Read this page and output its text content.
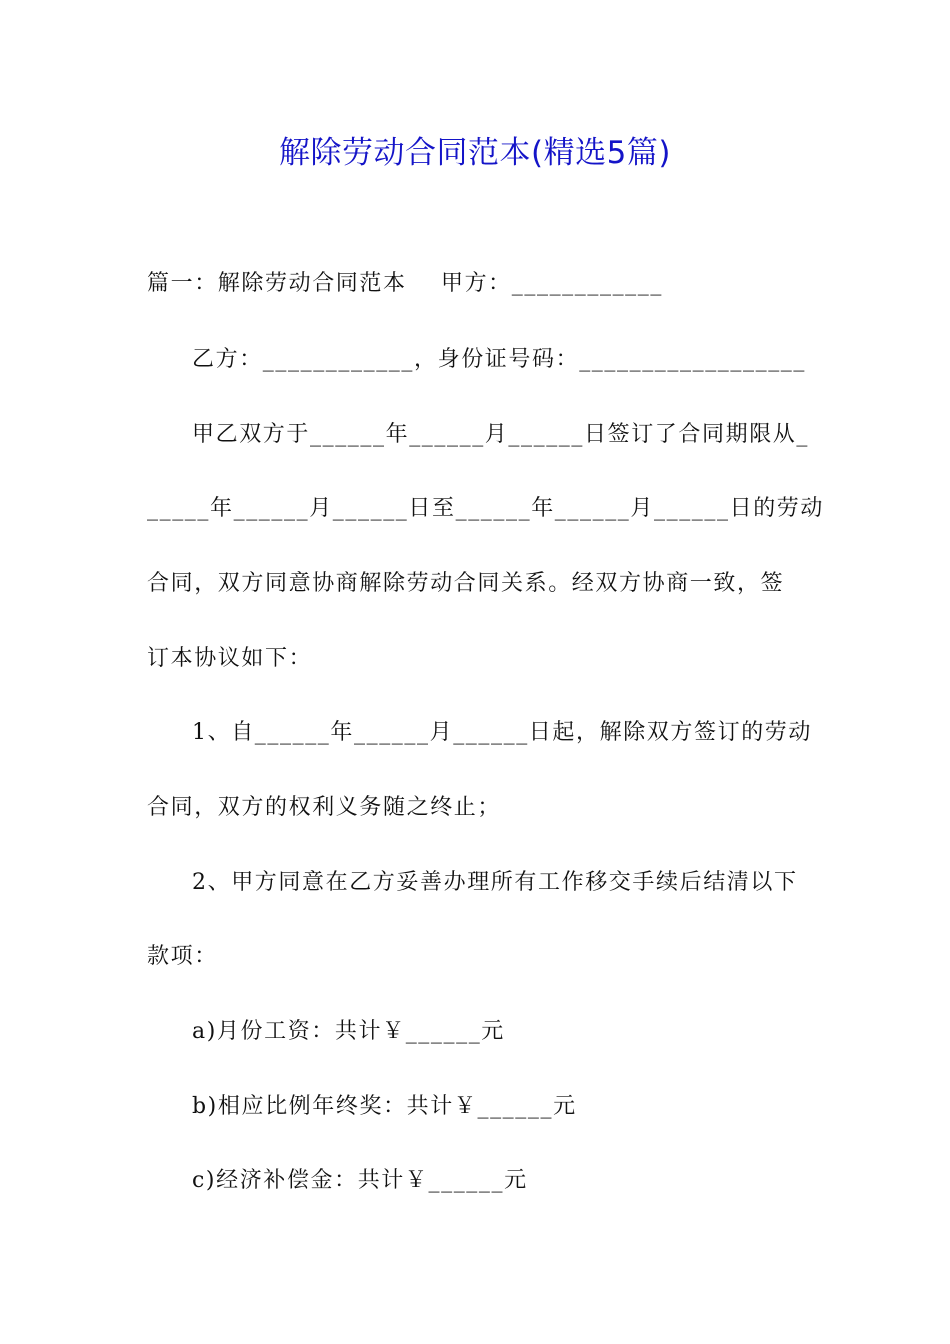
解除劳动合同范本(精选5篇)
篇一：解除劳动合同范本    甲方：____________
乙方：____________，身份证号码：__________________
甲乙双方于______年______月______日签订了合同期限从_
_____年______月______日至______年______月______日的劳动
合同，双方同意协商解除劳动合同关系。经双方协商一致，签
订本协议如下：
1、自______年______月______日起，解除双方签订的劳动
合同，双方的权利义务随之终止；
2、甲方同意在乙方妥善办理所有工作移交手续后结清以下
款项：
a)月份工资：共计￥______元
b)相应比例年终奖：共计￥______元
c)经济补偿金：共计￥______元
